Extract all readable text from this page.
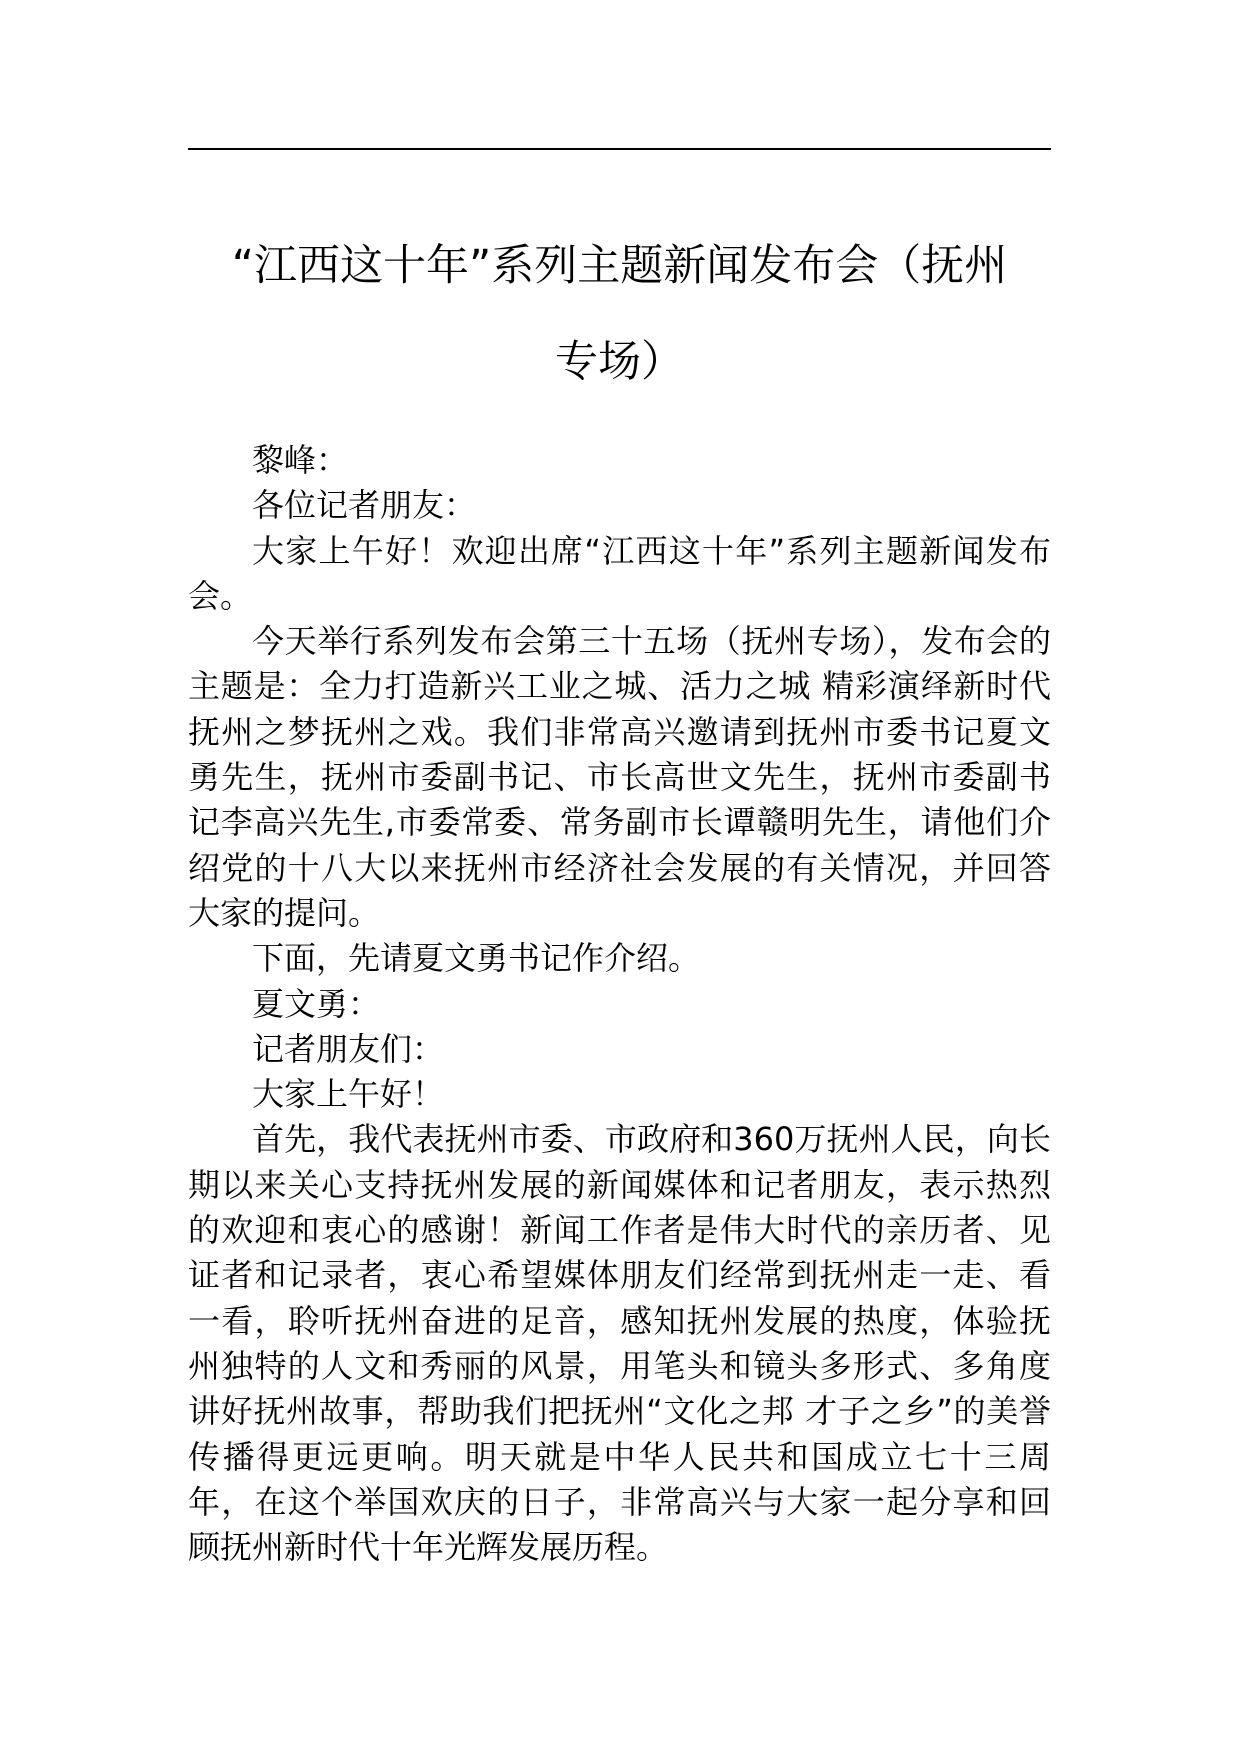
“江西这十年”系列主题新闻发布会（抚州
专场）

黎峰：

各位记者朋友：

大家上午好！欢迎出席“江西这十年”系列主题新闻发布会。

今天举行系列发布会第三十五场（抚州专场），发布会的主题是：全力打造新兴工业之城、活力之城 精彩演绎新时代抚州之梦抚州之戏。我们非常高兴邀请到抚州市委书记夏文勇先生，抚州市委副书记、市长高世文先生，抚州市委副书记李高兴先生,市委常委、常务副市长谭赣明先生，请他们介绍党的十八大以来抚州市经济社会发展的有关情况，并回答大家的提问。

下面，先请夏文勇书记作介绍。

夏文勇：

记者朋友们：

大家上午好！

首先，我代表抚州市委、市政府和360万抚州人民，向长期以来关心支持抚州发展的新闻媒体和记者朋友，表示热烈的欢迎和衷心的感谢！新闻工作者是伟大时代的亲历者、见证者和记录者，衷心希望媒体朋友们经常到抚州走一走、看一看，聆听抚州奋进的足音，感知抚州发展的热度，体验抚州独特的人文和秀丽的风景，用笔头和镜头多形式、多角度讲好抚州故事，帮助我们把抚州“文化之邦 才子之乡”的美誉传播得更远更响。明天就是中华人民共和国成立七十三周年，在这个举国欢庆的日子，非常高兴与大家一起分享和回顾抚州新时代十年光辉发展历程。
